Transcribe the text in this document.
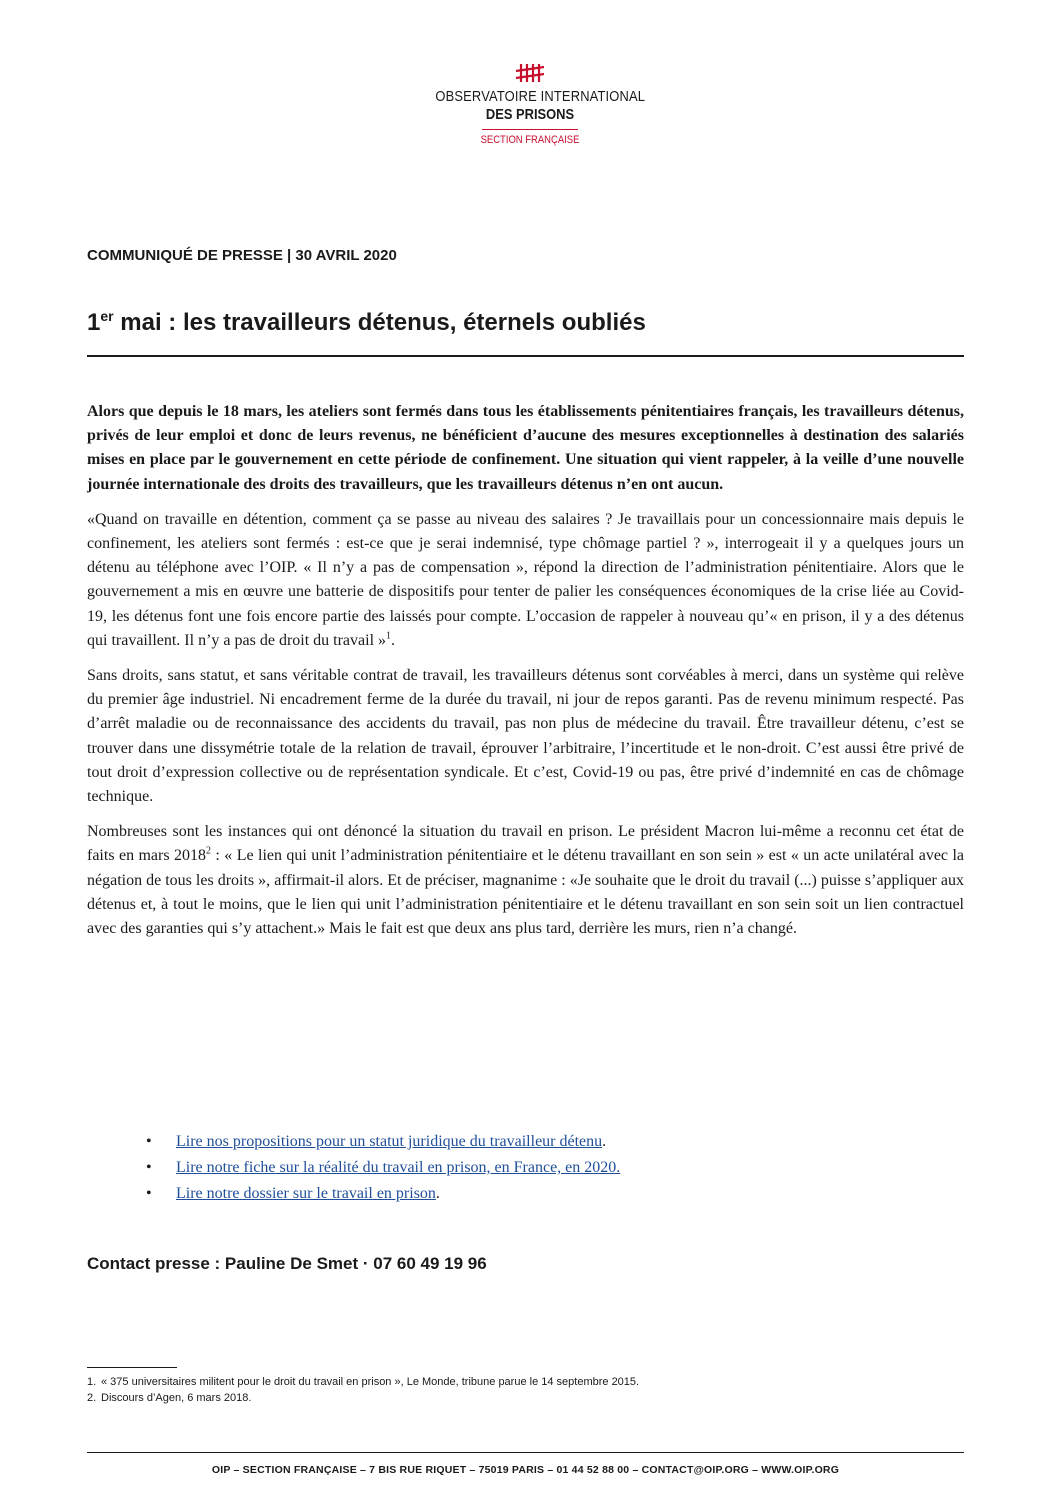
OBSERVATOIRE INTERNATIONAL
DES PRISONS
SECTION FRANÇAISE
COMMUNIQUÉ DE PRESSE | 30 AVRIL 2020
1er mai : les travailleurs détenus, éternels oubliés

Alors que depuis le 18 mars, les ateliers sont fermés dans tous les établissements pénitentiaires français, les travailleurs détenus, privés de leur emploi et donc de leurs revenus, ne bénéficient d’aucune des mesures exceptionnelles à destination des salariés mises en place par le gouvernement en cette période de confinement. Une situation qui vient rappeler, à la veille d’une nouvelle journée internationale des droits des travailleurs, que les travailleurs détenus n’en ont aucun.

«Quand on travaille en détention, comment ça se passe au niveau des salaires ? Je travaillais pour un concessionnaire mais depuis le confinement, les ateliers sont fermés : est-ce que je serai indemnisé, type chômage partiel ? », interrogeait il y a quelques jours un détenu au téléphone avec l’OIP. « Il n’y a pas de compensation », répond la direction de l’administration pénitentiaire. Alors que le gouvernement a mis en œuvre une batterie de dispositifs pour tenter de palier les conséquences économiques de la crise liée au Covid-19, les détenus font une fois encore partie des laissés pour compte. L’occasion de rappeler à nouveau qu’« en prison, il y a des détenus qui travaillent. Il n’y a pas de droit du travail »$^1$.

Sans droits, sans statut, et sans véritable contrat de travail, les travailleurs détenus sont corvéables à merci, dans un système qui relève du premier âge industriel. Ni encadrement ferme de la durée du travail, ni jour de repos garanti. Pas de revenu minimum respecté. Pas d’arrêt maladie ou de reconnaissance des accidents du travail, pas non plus de médecine du travail. Être travailleur détenu, c’est se trouver dans une dissymétrie totale de la relation de travail, éprouver l’arbitraire, l’incertitude et le non-droit. C’est aussi être privé de tout droit d’expression collective ou de représentation syndicale. Et c’est, Covid-19 ou pas, être privé d’indemnité en cas de chômage technique.

Nombreuses sont les instances qui ont dénoncé la situation du travail en prison. Le président Macron lui-même a reconnu cet état de faits en mars 2018$^2$ : « Le lien qui unit l’administration pénitentiaire et le détenu travaillant en son sein » est « un acte unilatéral avec la négation de tous les droits », affirmait-il alors. Et de préciser, magnanime : «Je souhaite que le droit du travail (...) puisse s’appliquer aux détenus et, à tout le moins, que le lien qui unit l’administration pénitentiaire et le détenu travaillant en son sein soit un lien contractuel avec des garanties qui s’y attachent.» Mais le fait est que deux ans plus tard, derrière les murs, rien n’a changé.

• Lire nos propositions pour un statut juridique du travailleur détenu.
• Lire notre fiche sur la réalité du travail en prison, en France, en 2020.
• Lire notre dossier sur le travail en prison.
Contact presse : Pauline De Smet · 07 60 49 19 96
1. « 375 universitaires militent pour le droit du travail en prison », Le Monde, tribune parue le 14 septembre 2015.
2. Discours d’Agen, 6 mars 2018.
OIP – SECTION FRANÇAISE – 7 BIS RUE RIQUET – 75019 PARIS – 01 44 52 88 00 – CONTACT@OIP.ORG – WWW.OIP.ORG
